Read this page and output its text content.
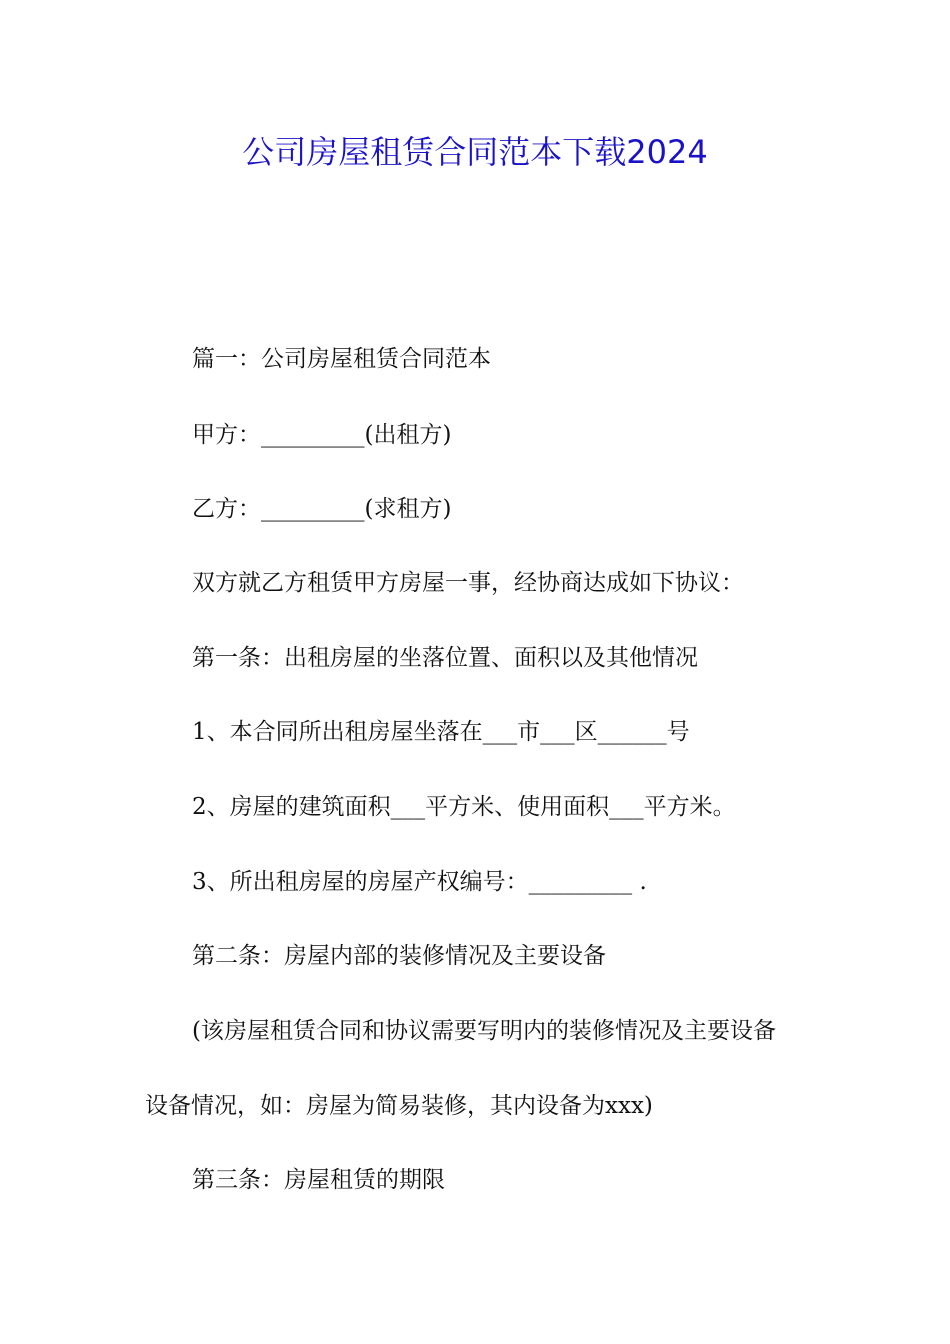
公司房屋租赁合同范本下载2024
篇一：公司房屋租赁合同范本
甲方：_________(出租方)
乙方：_________(求租方)
双方就乙方租赁甲方房屋一事，经协商达成如下协议：
第一条：出租房屋的坐落位置、面积以及其他情况
1、本合同所出租房屋坐落在___市___区______号
2、房屋的建筑面积___平方米、使用面积___平方米。
3、所出租房屋的房屋产权编号：_________ .
第二条：房屋内部的装修情况及主要设备
(该房屋租赁合同和协议需要写明内的装修情况及主要设备
设备情况，如：房屋为简易装修，其内设备为xxx)
第三条：房屋租赁的期限
